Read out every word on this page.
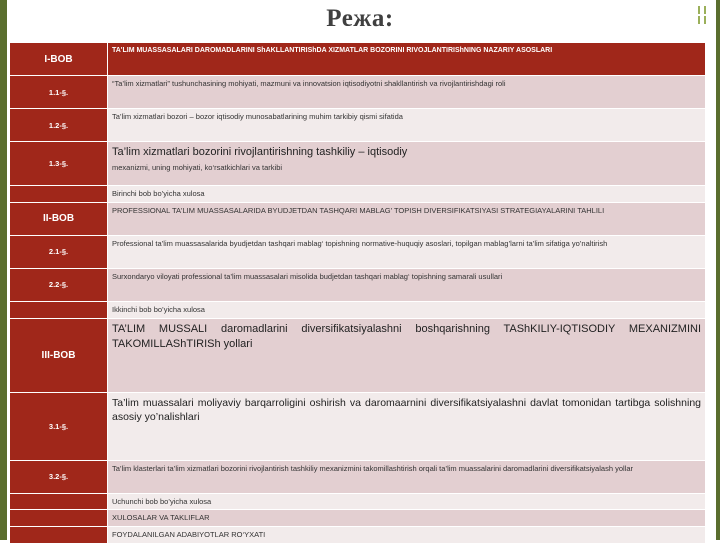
Режа:
I-BOB	TA'LIM MUASSASALARI DAROMADLARINI ShAKLLANTIRIShDA XIZMATLAR BOZORINI RIVOJLANTIRIShNING NAZARIY ASOSLARI
1.1-§.	“Ta’lim xizmatlari” tushunchasining mohiyati, mazmuni va innovatsion iqtisodiyotni shakllantirish va rivojlantirishdagi roli
1.2-§.	Ta’lim xizmatlari bozori – bozor iqtisodiy munosabatlarining muhim tarkibiy qismi sifatida
1.3-§.	Ta’lim xizmatlari bozorini rivojlantirishning tashkiliy – iqtisodiy
mexanizmi, uning mohiyati, ko‘rsatkichlari va tarkibi

	Birinchi bob bo’yicha xulosa
II-BOB	PROFESSIONAL TA'LIM MUASSASALARIDA BYUDJETDAN TASHQARI MABLAG' TOPISH DIVERSIFIKATSIYASI STRATEGIAYALARINI TAHLILI
2.1-§.	Professional ta’lim muassasalarida byudjetdan tashqari mablag‘ topishning normative-huquqiy asoslari, topilgan mablag’larni ta’lim sifatiga yo’naltirish
2.2-§.	Surxondaryo viloyati professional ta’lim muassasalari misolida budjetdan tashqari mablag‘ topishning samarali usullari
	Ikkinchi bob bo’yicha xulosa
III-BOB	TA’LIM MUSSALI daromadlarini diversifikatsiyalashni boshqarishning TAShKILIY-IQTISODIY MEXANIZMINI TAKOMILLAShTIRISh yollari
3.1-§.	Ta’lim muassalari moliyaviy barqarroligini oshirish va daromaarnini diversifikatsiyalashni davlat tomonidan tartibga solishning asosiy yo’nalishlari
3.2-§.	Ta’lim klasterlari ta’lim xizmatlari bozorini rivojlantirish tashkiliy mexanizmini takomillashtirish orqali ta’lim muassalarini daromadlarini diversifikatsiyalash yollar
	Uchunchi bob bo’yicha xulosa
	XULOSALAR VA TAKLIFLAR
	FOYDALANILGAN ADABIYOTLAR RO‘YXATI
